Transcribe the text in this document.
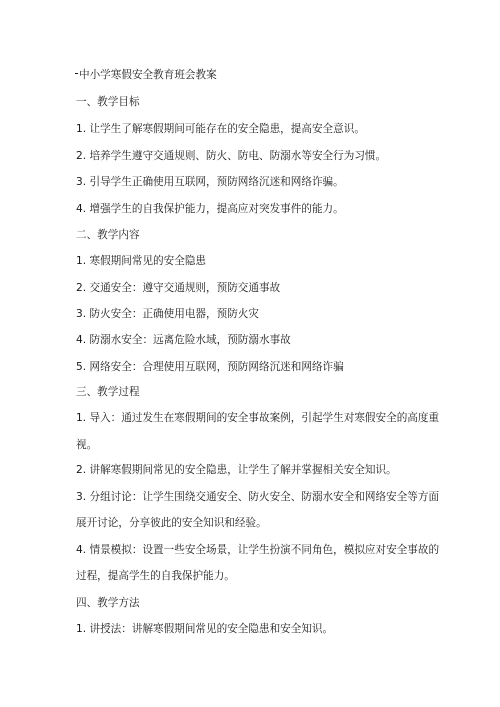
中小学寒假安全教育班会教案
一、教学目标
1. 让学生了解寒假期间可能存在的安全隐患，提高安全意识。
2. 培养学生遵守交通规则、防火、防电、防溺水等安全行为习惯。
3. 引导学生正确使用互联网，预防网络沉迷和网络诈骗。
4. 增强学生的自我保护能力，提高应对突发事件的能力。
二、教学内容
1. 寒假期间常见的安全隐患
2. 交通安全：遵守交通规则，预防交通事故
3. 防火安全：正确使用电器，预防火灾
4. 防溺水安全：远离危险水域，预防溺水事故
5. 网络安全：合理使用互联网，预防网络沉迷和网络诈骗
三、教学过程
1. 导入：通过发生在寒假期间的安全事故案例，引起学生对寒假安全的高度重
视。
2. 讲解寒假期间常见的安全隐患，让学生了解并掌握相关安全知识。
3. 分组讨论：让学生围绕交通安全、防火安全、防溺水安全和网络安全等方面
展开讨论，分享彼此的安全知识和经验。
4. 情景模拟：设置一些安全场景，让学生扮演不同角色，模拟应对安全事故的
过程，提高学生的自我保护能力。
四、教学方法
1. 讲授法：讲解寒假期间常见的安全隐患和安全知识。
